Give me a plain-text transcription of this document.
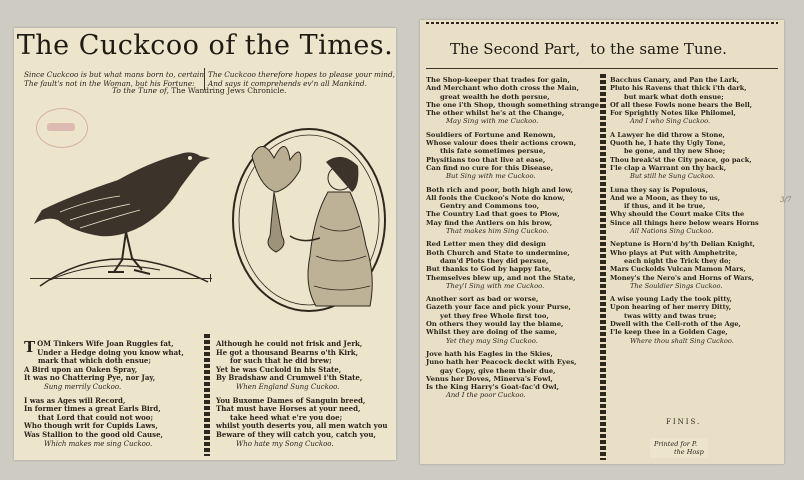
The Cuckcoo of the Times.
Since Cuckcoo is but what mans born to, certain
The fault's not in the Woman, but his Fortune:
The Cuckcoo therefore hopes to please your mind,
And says it comprehends ev'n all Mankind.
To the Tune of, The Wandring Jews Chronicle.
TOM Tinkers Wife Joan Ruggles fat,
Under a Hedge doing you know what,
mark that which doth ensue;
A Bird upon an Oaken Spray,
It was no Chattering Pye, nor Jay,
Sung merrily Cuckoo.
I was as Ages will Record,
In former times a great Earls Bird,
that Lord that could not woo;
Who though writ for Cupids Laws,
Was Stallion to the good old Cause,
Which makes me sing Cuckoo.
Although he could not frisk and Jerk,
He got a thousand Bearns o'th Kirk,
for such that he did brew;
Yet he was Cuckold in his State,
By Bradshaw and Crumwel i'th State,
When England Sung Cuckoo.
You Buxome Dames of Sanguin breed,
That must have Horses at your need,
take heed what e're you doe;
whilst youth deserts you, all men watch you
Beware of they will catch you, catch you,
Who hate my Song Cuckoo.
The Second Part, to the same Tune.
The Shop-keeper that trades for gain,
And Merchant who doth cross the Main,
great wealth he doth persue,
The one i'th Shop, though something strange
The other whilst he's at the Change,
May Sing with me Cuckoo.
Souldiers of Fortune and Renown,
Whose valour does their actions crown,
this fate sometimes persue,
Physitians too that live at ease,
Can find no cure for this Disease,
But Sing with me Cuckoo.
Both rich and poor, both high and low,
All fools the Cuckoo's Note do know,
Gentry and Commons too,
The Country Lad that goes to Plow,
May find the Antlers on his brow,
That makes him Sing Cuckoo.
Red Letter men they did design
Both Church and State to undermine,
dam'd Plots they did persue,
But thanks to God by happy fate,
Themselves blew up, and not the State,
They'l Sing with me Cuckoo.
Another sort as bad or worse,
Gazeth your face and pick your Purse,
yet they free Whole first too,
On others they would lay the blame,
Whilst they are doing of the same,
Yet they may Sing Cuckoo.
Jove hath his Eagles in the Skies,
Juno hath her Peacock deckt with Eyes,
gay Copy, give them their due,
Venus her Doves, Minerva's Fowl,
Is the King Harry's Goat-fac'd Owl,
And I the poor Cuckoo.
Bacchus Canary, and Pan the Lark,
Pluto his Ravens that thick i'th dark,
but mark what doth ensue;
Of all these Fowls none bears the Bell,
For Sprightly Notes like Philomel,
And I who Sing Cuckoo.
A Lawyer he did throw a Stone,
Quoth he, I hate thy Ugly Tone,
be gone, and thy new Shoe;
Thou break'st the City peace, go pack,
I'le clap a Warrant on thy back,
But still he Sung Cuckoo.
Luna they say is Populous,
And we a Moon, as they to us,
if thus, and it be true,
Why should the Court make Cits the
Since all things here below wears Horns
All Nations Sing Cuckoo.
Neptune is Horn'd by'th Delian Knight,
Who plays at Put with Amphetrite,
each night the Trick they do;
Mars Cuckolds Vulcan Mamon Mars,
Money's the Nero's and Horns of Wars,
The Souldier Sings Cuckoo.
A wise young Lady the took pitty,
Upon hearing of her merry Ditty,
twas witty and twas true;
Dwell with the Cell-roth of the Age,
I'le keep thee in a Golden Cage,
Where thou shalt Sing Cuckoo.
FINIS.
Printed for P.
the Hosp
3/7
